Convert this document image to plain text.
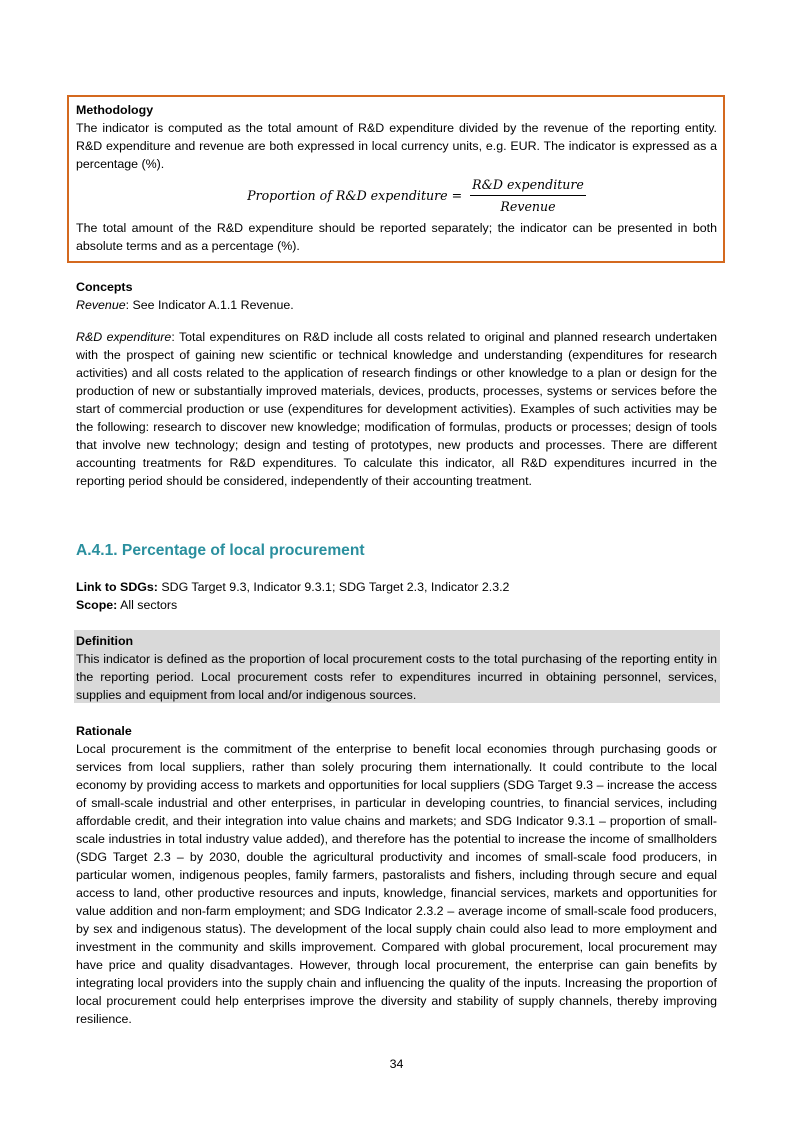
Methodology

The indicator is computed as the total amount of R&D expenditure divided by the revenue of the reporting entity. R&D expenditure and revenue are both expressed in local currency units, e.g. EUR. The indicator is expressed as a percentage (%).

Proportion of R&D expenditure = $\frac{\text{R\&D expenditure}}{\text{Revenue}}$

The total amount of the R&D expenditure should be reported separately; the indicator can be presented in both absolute terms and as a percentage (%).

Concepts

Revenue: See Indicator A.1.1 Revenue.

R&D expenditure: Total expenditures on R&D include all costs related to original and planned research undertaken with the prospect of gaining new scientific or technical knowledge and understanding (expenditures for research activities) and all costs related to the application of research findings or other knowledge to a plan or design for the production of new or substantially improved materials, devices, products, processes, systems or services before the start of commercial production or use (expenditures for development activities). Examples of such activities may be the following: research to discover new knowledge; modification of formulas, products or processes; design of tools that involve new technology; design and testing of prototypes, new products and processes. There are different accounting treatments for R&D expenditures. To calculate this indicator, all R&D expenditures incurred in the reporting period should be considered, independently of their accounting treatment.

A.4.1. Percentage of local procurement

Link to SDGs: SDG Target 9.3, Indicator 9.3.1; SDG Target 2.3, Indicator 2.3.2

Scope: All sectors

Definition

This indicator is defined as the proportion of local procurement costs to the total purchasing of the reporting entity in the reporting period. Local procurement costs refer to expenditures incurred in obtaining personnel, services, supplies and equipment from local and/or indigenous sources.

Rationale

Local procurement is the commitment of the enterprise to benefit local economies through purchasing goods or services from local suppliers, rather than solely procuring them internationally. It could contribute to the local economy by providing access to markets and opportunities for local suppliers (SDG Target 9.3 – increase the access of small-scale industrial and other enterprises, in particular in developing countries, to financial services, including affordable credit, and their integration into value chains and markets; and SDG Indicator 9.3.1 – proportion of small-scale industries in total industry value added), and therefore has the potential to increase the income of smallholders (SDG Target 2.3 – by 2030, double the agricultural productivity and incomes of small-scale food producers, in particular women, indigenous peoples, family farmers, pastoralists and fishers, including through secure and equal access to land, other productive resources and inputs, knowledge, financial services, markets and opportunities for value addition and non-farm employment; and SDG Indicator 2.3.2 – average income of small-scale food producers, by sex and indigenous status). The development of the local supply chain could also lead to more employment and investment in the community and skills improvement. Compared with global procurement, local procurement may have price and quality disadvantages. However, through local procurement, the enterprise can gain benefits by integrating local providers into the supply chain and influencing the quality of the inputs. Increasing the proportion of local procurement could help enterprises improve the diversity and stability of supply channels, thereby improving resilience.

34
